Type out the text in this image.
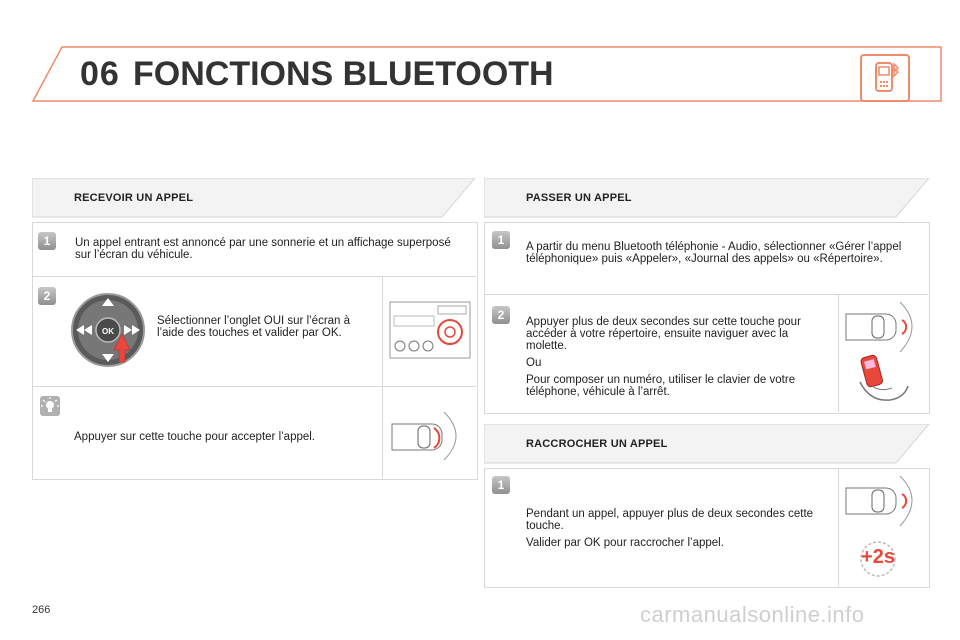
06 FONCTIONS BLUETOOTH
RECEVOIR UN APPEL
1	Un appel entrant est annoncé par une sonnerie et un affichage superposé sur l’écran du véhicule.
2
OK
Sélectionner l’onglet OUI sur l’écran à l’aide des touches et valider par OK.
Appuyer sur cette touche pour accepter l’appel.
PASSER UN APPEL
1	A partir du menu Bluetooth téléphonie - Audio, sélectionner «Gérer l’appel téléphonique» puis «Appeler», «Journal des appels» ou «Répertoire».
2	Appuyer plus de deux secondes sur cette touche pour accéder à votre répertoire, ensuite naviguer avec la molette.
Ou
Pour composer un numéro, utiliser le clavier de votre téléphone, véhicule à l’arrêt.
RACCROCHER UN APPEL
1
Pendant un appel, appuyer plus de deux secondes cette touche.
Valider par OK pour raccrocher l’appel.
+2s
266	carmanualsonline.info
